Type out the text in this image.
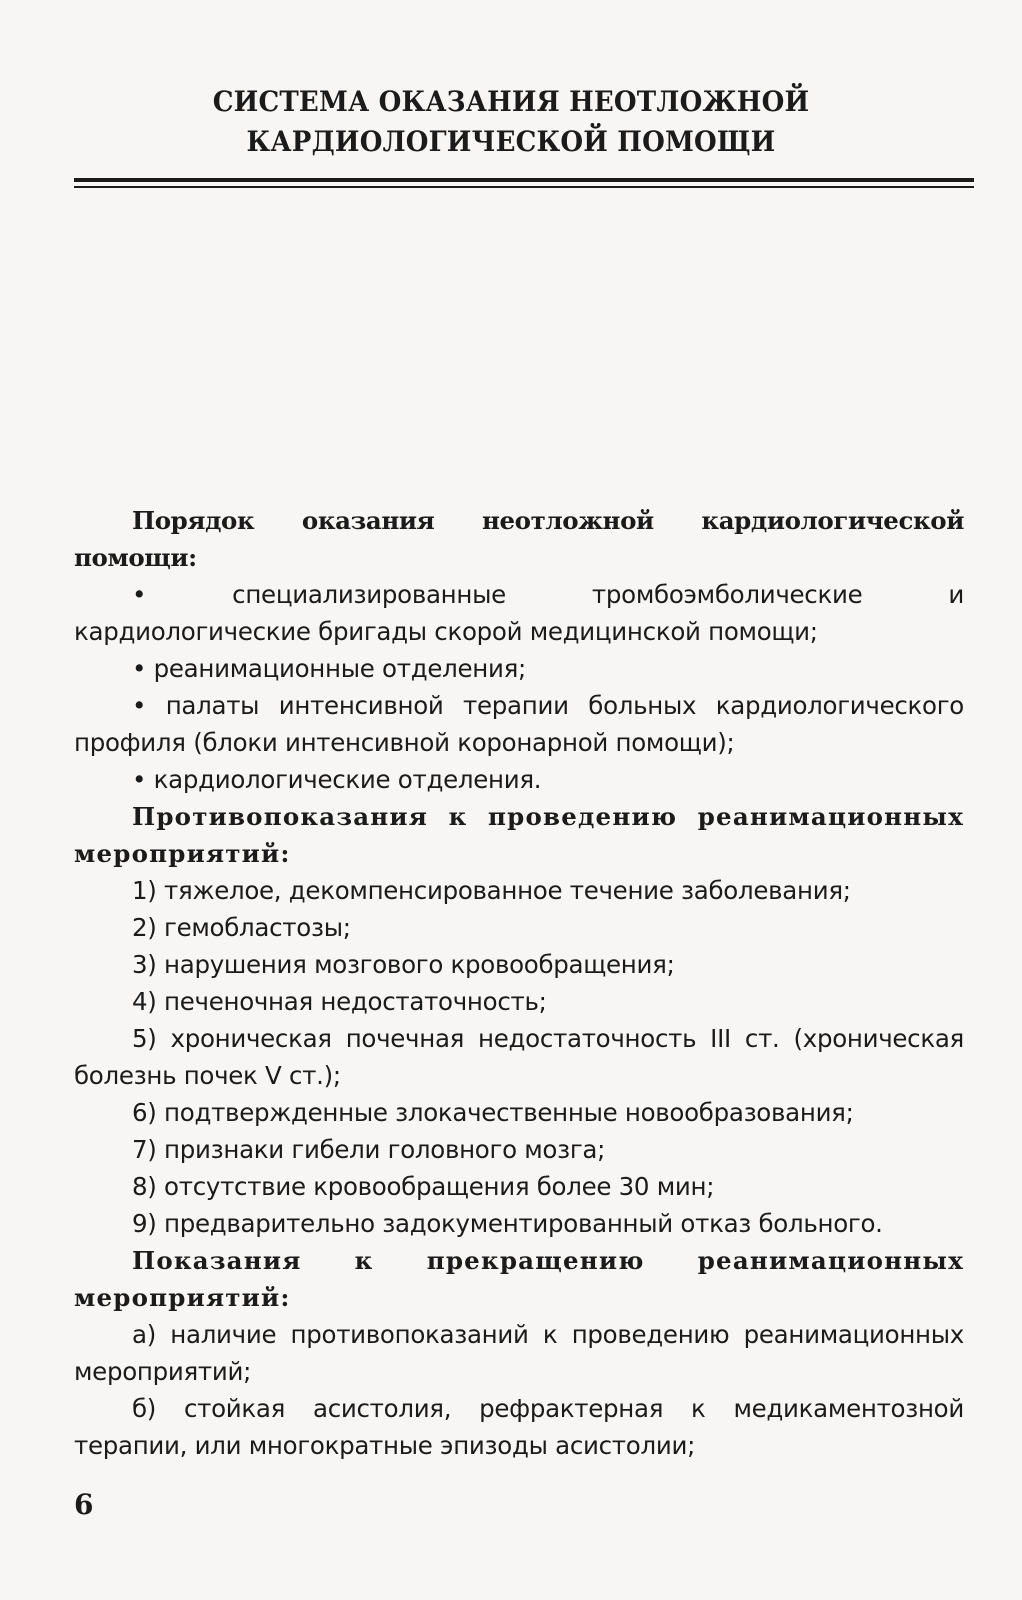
СИСТЕМА ОКАЗАНИЯ НЕОТЛОЖНОЙ
КАРДИОЛОГИЧЕСКОЙ ПОМОЩИ

Порядок оказания неотложной кардиологической помощи:

• специализированные тромбоэмболические и кардиологические бригады скорой медицинской помощи;

• реанимационные отделения;

• палаты интенсивной терапии больных кардиологического профиля (блоки интенсивной коронарной помощи);

• кардиологические отделения.

Противопоказания к проведению реанимационных мероприятий:

1) тяжелое, декомпенсированное течение заболевания;

2) гемобластозы;

3) нарушения мозгового кровообращения;

4) печеночная недостаточность;

5) хроническая почечная недостаточность III ст. (хроническая болезнь почек V ст.);

6) подтвержденные злокачественные новообразования;

7) признаки гибели головного мозга;

8) отсутствие кровообращения более 30 мин;

9) предварительно задокументированный отказ больного.

Показания к прекращению реанимационных мероприятий:

а) наличие противопоказаний к проведению реанимационных мероприятий;

б) стойкая асистолия, рефрактерная к медикаментозной терапии, или многократные эпизоды асистолии;

6
